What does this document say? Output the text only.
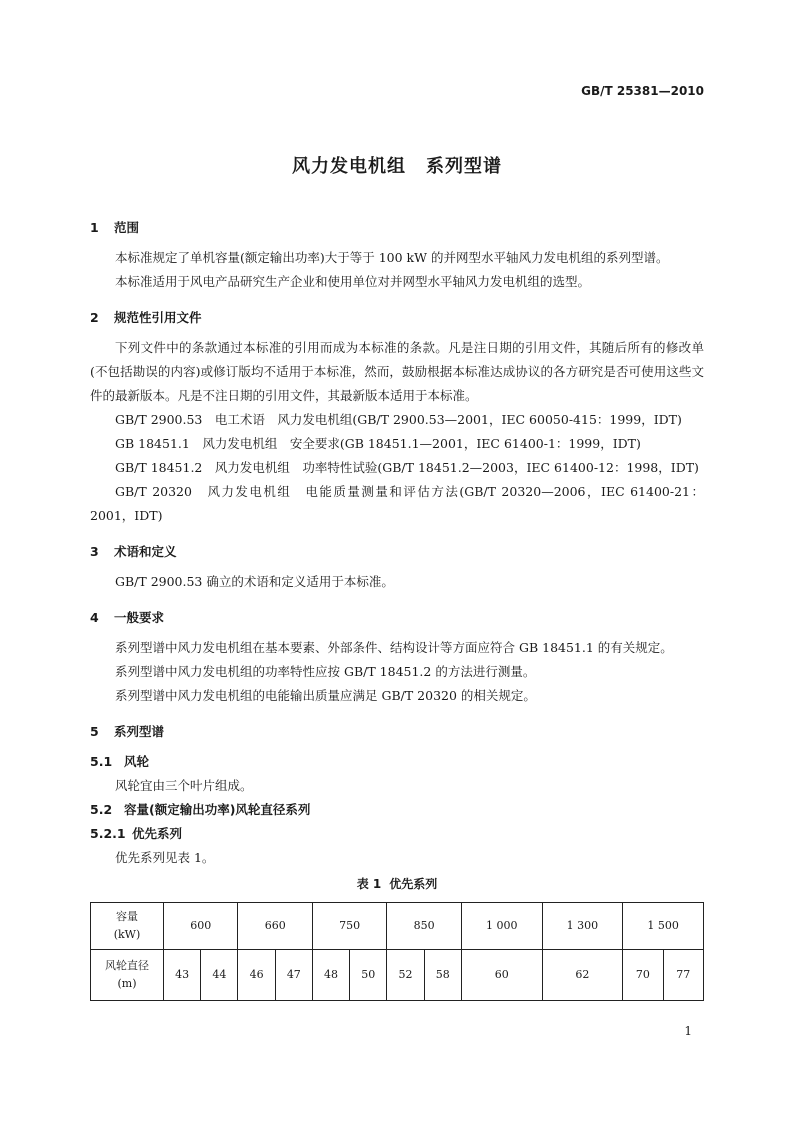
GB/T 25381—2010
风力发电机组 系列型谱

1 范围

本标准规定了单机容量(额定输出功率)大于等于 100 kW 的并网型水平轴风力发电机组的系列型谱。

本标准适用于风电产品研究生产企业和使用单位对并网型水平轴风力发电机组的选型。

2 规范性引用文件

下列文件中的条款通过本标准的引用而成为本标准的条款。凡是注日期的引用文件，其随后所有的修改单(不包括勘误的内容)或修订版均不适用于本标准，然而，鼓励根据本标准达成协议的各方研究是否可使用这些文件的最新版本。凡是不注日期的引用文件，其最新版本适用于本标准。

GB/T 2900.53　电工术语　风力发电机组(GB/T 2900.53—2001，IEC 60050-415：1999，IDT)

GB 18451.1　风力发电机组　安全要求(GB 18451.1—2001，IEC 61400-1：1999，IDT)

GB/T 18451.2　风力发电机组　功率特性试验(GB/T 18451.2—2003，IEC 61400-12：1998，IDT)

GB/T 20320　风力发电机组　电能质量测量和评估方法(GB/T 20320—2006，IEC 61400-21：2001，IDT)

3 术语和定义

GB/T 2900.53 确立的术语和定义适用于本标准。

4 一般要求

系列型谱中风力发电机组在基本要素、外部条件、结构设计等方面应符合 GB 18451.1 的有关规定。

系列型谱中风力发电机组的功率特性应按 GB/T 18451.2 的方法进行测量。

系列型谱中风力发电机组的电能输出质量应满足 GB/T 20320 的相关规定。

5 系列型谱

5.1 风轮

风轮宜由三个叶片组成。

5.2 容量(额定输出功率)风轮直径系列

5.2.1 优先系列

优先系列见表 1。

表 1 优先系列
容量
(kW)	600		660		750		850		1 000	1 300	1 500	
风轮直径
(m)	43	44	46	47	48	50	52	58	60	62	70	77
1
